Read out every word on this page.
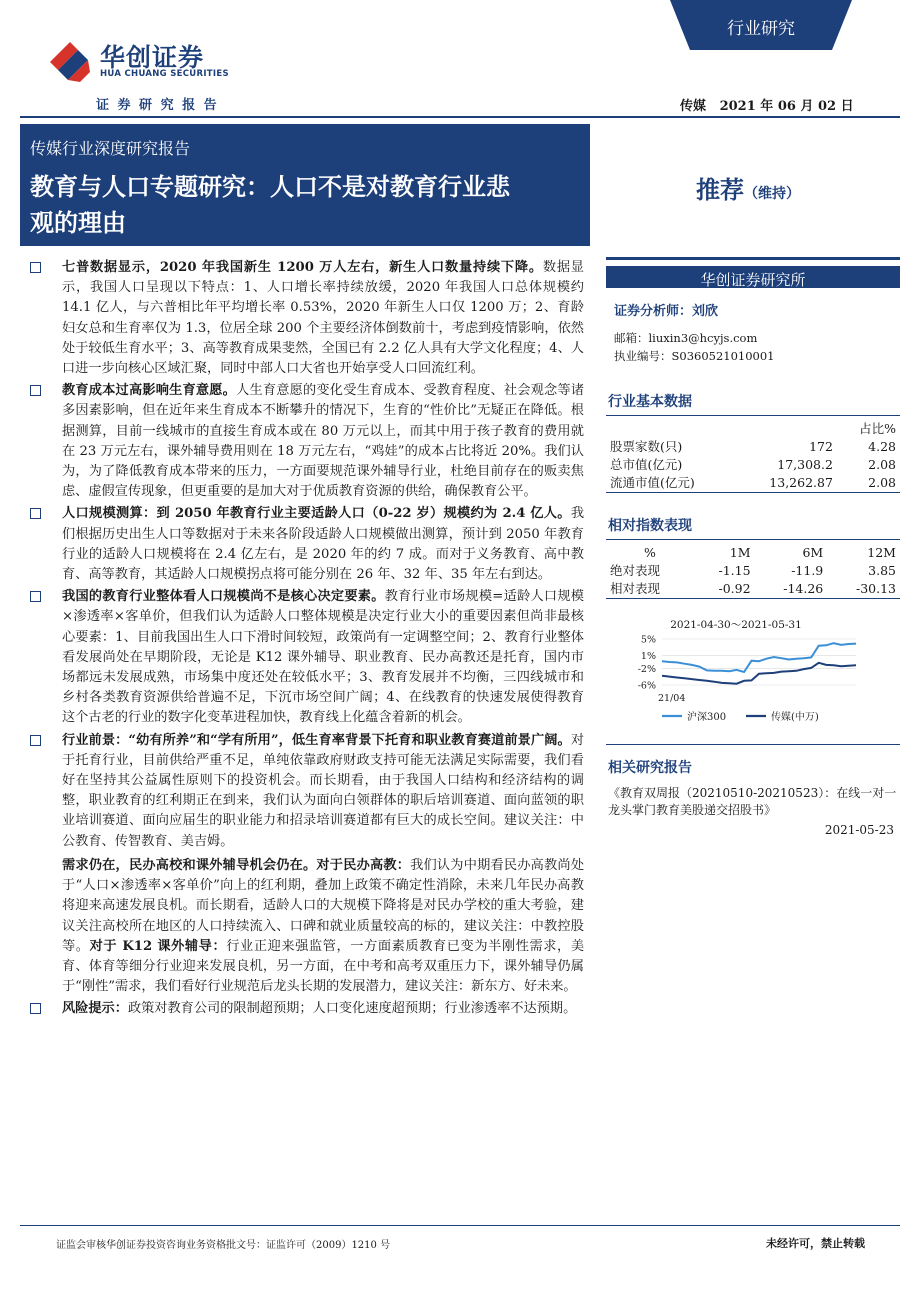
华创证券
HUA CHUANG SECURITIES
证 券 研 究 报 告
行业研究
传媒 2021 年 06 月 02 日
传媒行业深度研究报告
教育与人口专题研究：人口不是对教育行业悲
观的理由
推荐（维持）
七普数据显示，2020 年我国新生 1200 万人左右，新生人口数量持续下降。数据显示，我国人口呈现以下特点：1、人口增长率持续放缓，2020 年我国人口总体规模约 14.1 亿人，与六普相比年平均增长率 0.53%，2020 年新生人口仅 1200 万；2、育龄妇女总和生育率仅为 1.3，位居全球 200 个主要经济体倒数前十，考虑到疫情影响，依然处于较低生育水平；3、高等教育成果斐然，全国已有 2.2 亿人具有大学文化程度；4、人口进一步向核心区域汇聚，同时中部人口大省也开始享受人口回流红利。
教育成本过高影响生育意愿。人生育意愿的变化受生育成本、受教育程度、社会观念等诸多因素影响，但在近年来生育成本不断攀升的情况下，生育的“性价比”无疑正在降低。根据测算，目前一线城市的直接生育成本或在 80 万元以上，而其中用于孩子教育的费用就在 23 万元左右，课外辅导费用则在 18 万元左右，“鸡娃”的成本占比将近 20%。我们认为，为了降低教育成本带来的压力，一方面要规范课外辅导行业，杜绝目前存在的贩卖焦虑、虚假宣传现象，但更重要的是加大对于优质教育资源的供给，确保教育公平。
人口规模测算：到 2050 年教育行业主要适龄人口（0-22 岁）规模约为 2.4 亿人。我们根据历史出生人口等数据对于未来各阶段适龄人口规模做出测算，预计到 2050 年教育行业的适龄人口规模将在 2.4 亿左右，是 2020 年的约 7 成。而对于义务教育、高中教育、高等教育，其适龄人口规模拐点将可能分别在 26 年、32 年、35 年左右到达。
我国的教育行业整体看人口规模尚不是核心决定要素。教育行业市场规模=适龄人口规模×渗透率×客单价，但我们认为适龄人口整体规模是决定行业大小的重要因素但尚非最核心要素：1、目前我国出生人口下滑时间较短，政策尚有一定调整空间；2、教育行业整体看发展尚处在早期阶段，无论是 K12 课外辅导、职业教育、民办高教还是托育，国内市场都远未发展成熟，市场集中度还处在较低水平；3、教育发展并不均衡，三四线城市和乡村各类教育资源供给普遍不足，下沉市场空间广阔；4、在线教育的快速发展使得教育这个古老的行业的数字化变革进程加快，教育线上化蕴含着新的机会。
行业前景：“幼有所养”和“学有所用”，低生育率背景下托育和职业教育赛道前景广阔。对于托育行业，目前供给严重不足，单纯依靠政府财政支持可能无法满足实际需要，我们看好在坚持其公益属性原则下的投资机会。而长期看，由于我国人口结构和经济结构的调整，职业教育的红利期正在到来，我们认为面向白领群体的职后培训赛道、面向蓝领的职业培训赛道、面向应届生的职业能力和招录培训赛道都有巨大的成长空间。建议关注：中公教育、传智教育、美吉姆。
需求仍在，民办高校和课外辅导机会仍在。对于民办高教：我们认为中期看民办高教尚处于“人口×渗透率×客单价”向上的红利期，叠加上政策不确定性消除，未来几年民办高教将迎来高速发展良机。而长期看，适龄人口的大规模下降将是对民办学校的重大考验，建议关注高校所在地区的人口持续流入、口碑和就业质量较高的标的，建议关注：中教控股等。对于 K12 课外辅导：行业正迎来强监管，一方面素质教育已变为半刚性需求，美育、体育等细分行业迎来发展良机，另一方面，在中考和高考双重压力下，课外辅导仍属于“刚性”需求，我们看好行业规范后龙头长期的发展潜力，建议关注：新东方、好未来。
风险提示：政策对教育公司的限制超预期；人口变化速度超预期；行业渗透率不达预期。
华创证券研究所
证券分析师：刘欣
邮箱：liuxin3@hcyjs.com
执业编号：S0360521010001
行业基本数据
		占比%
股票家数(只)	172	4.28
总市值(亿元)	17,308.2	2.08
流通市值(亿元)	13,262.87	2.08
相对指数表现
%	1M	6M	12M
绝对表现	-1.15	-11.9	3.85
相对表现	-0.92	-14.26	-30.13
2021-04-30～2021-05-31
5%
1%
-2%
-6%
21/04
沪深300	传媒(中万)
相关研究报告
《教育双周报（20210510-20210523）：在线一对一龙头掌门教育美股递交招股书》
2021-05-23
证监会审核华创证券投资咨询业务资格批文号：证监许可（2009）1210 号	未经许可，禁止转载
